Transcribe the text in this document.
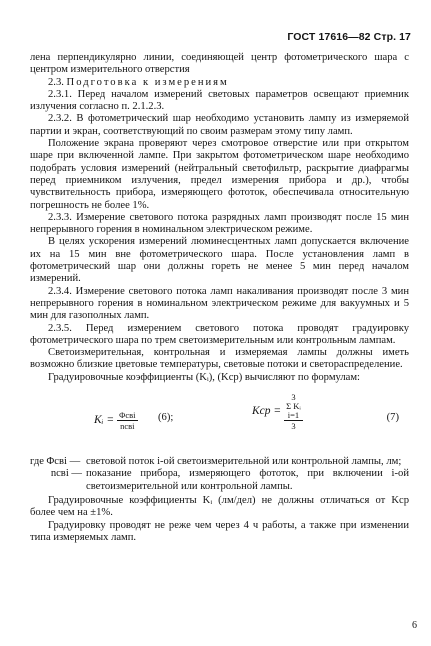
ГОСТ 17616—82 Стр. 17

лена перпендикулярно линии, соединяющей центр фотометрического шара с центром измерительного отверстия

2.3. Подготовка к измерениям

2.3.1. Перед началом измерений световых параметров освещают приемник излучения согласно п. 2.1.2.3.

2.3.2. В фотометрический шар необходимо установить лампу из измеряемой партии и экран, соответствующий по своим размерам этому типу ламп.

Положение экрана проверяют через смотровое отверстие или при открытом шаре при включенной лампе. При закрытом фотометрическом шаре необходимо подобрать условия измерений (нейтральный светофильтр, раскрытие диафрагмы перед приемником излучения, предел измерения прибора и др.), чтобы чувствительность прибора, измеряющего фототок, обеспечивала относительную погрешность не более 1%.

2.3.3. Измерение светового потока разрядных ламп производят после 15 мин непрерывного горения в номинальном электрическом режиме.

В целях ускорения измерений люминесцентных ламп допускается включение их на 15 мин вне фотометрического шара. После установления ламп в фотометрический шар они должны гореть не менее 5 мин перед началом измерений.

2.3.4. Измерение светового потока ламп накаливания производят после 3 мин непрерывного горения в номинальном электрическом режиме для вакуумных и 5 мин для газополных ламп.

2.3.5. Перед измерением светового потока проводят градуировку фотометрического шара по трем светоизмерительным или контрольным лампам.

Светоизмерительная, контрольная и измеряемая лампы должны иметь возможно близкие цветовые температуры, световые потоки и светораспределение.

Градуировочные коэффициенты (Kᵢ), (Kср) вычисляют по формулам:

Kᵢ = $\frac{\text{Φсвi}}{\text{nсвi}} (6)$;
Kср = 3
Σ Kᵢ
i=1
3	(7)
где Φсвi — световой поток i-ой светоизмерительной или контрольной лампы, лм;
nсвi — показание прибора, измеряющего фототок, при включении i-ой светоизмерительной или контрольной лампы.

Градуировочные коэффициенты Kᵢ (лм/дел) не должны отличаться от Kср более чем на ±1%.

Градуировку проводят не реже чем через 4 ч работы, а также при изменении типа измеряемых ламп.

6
